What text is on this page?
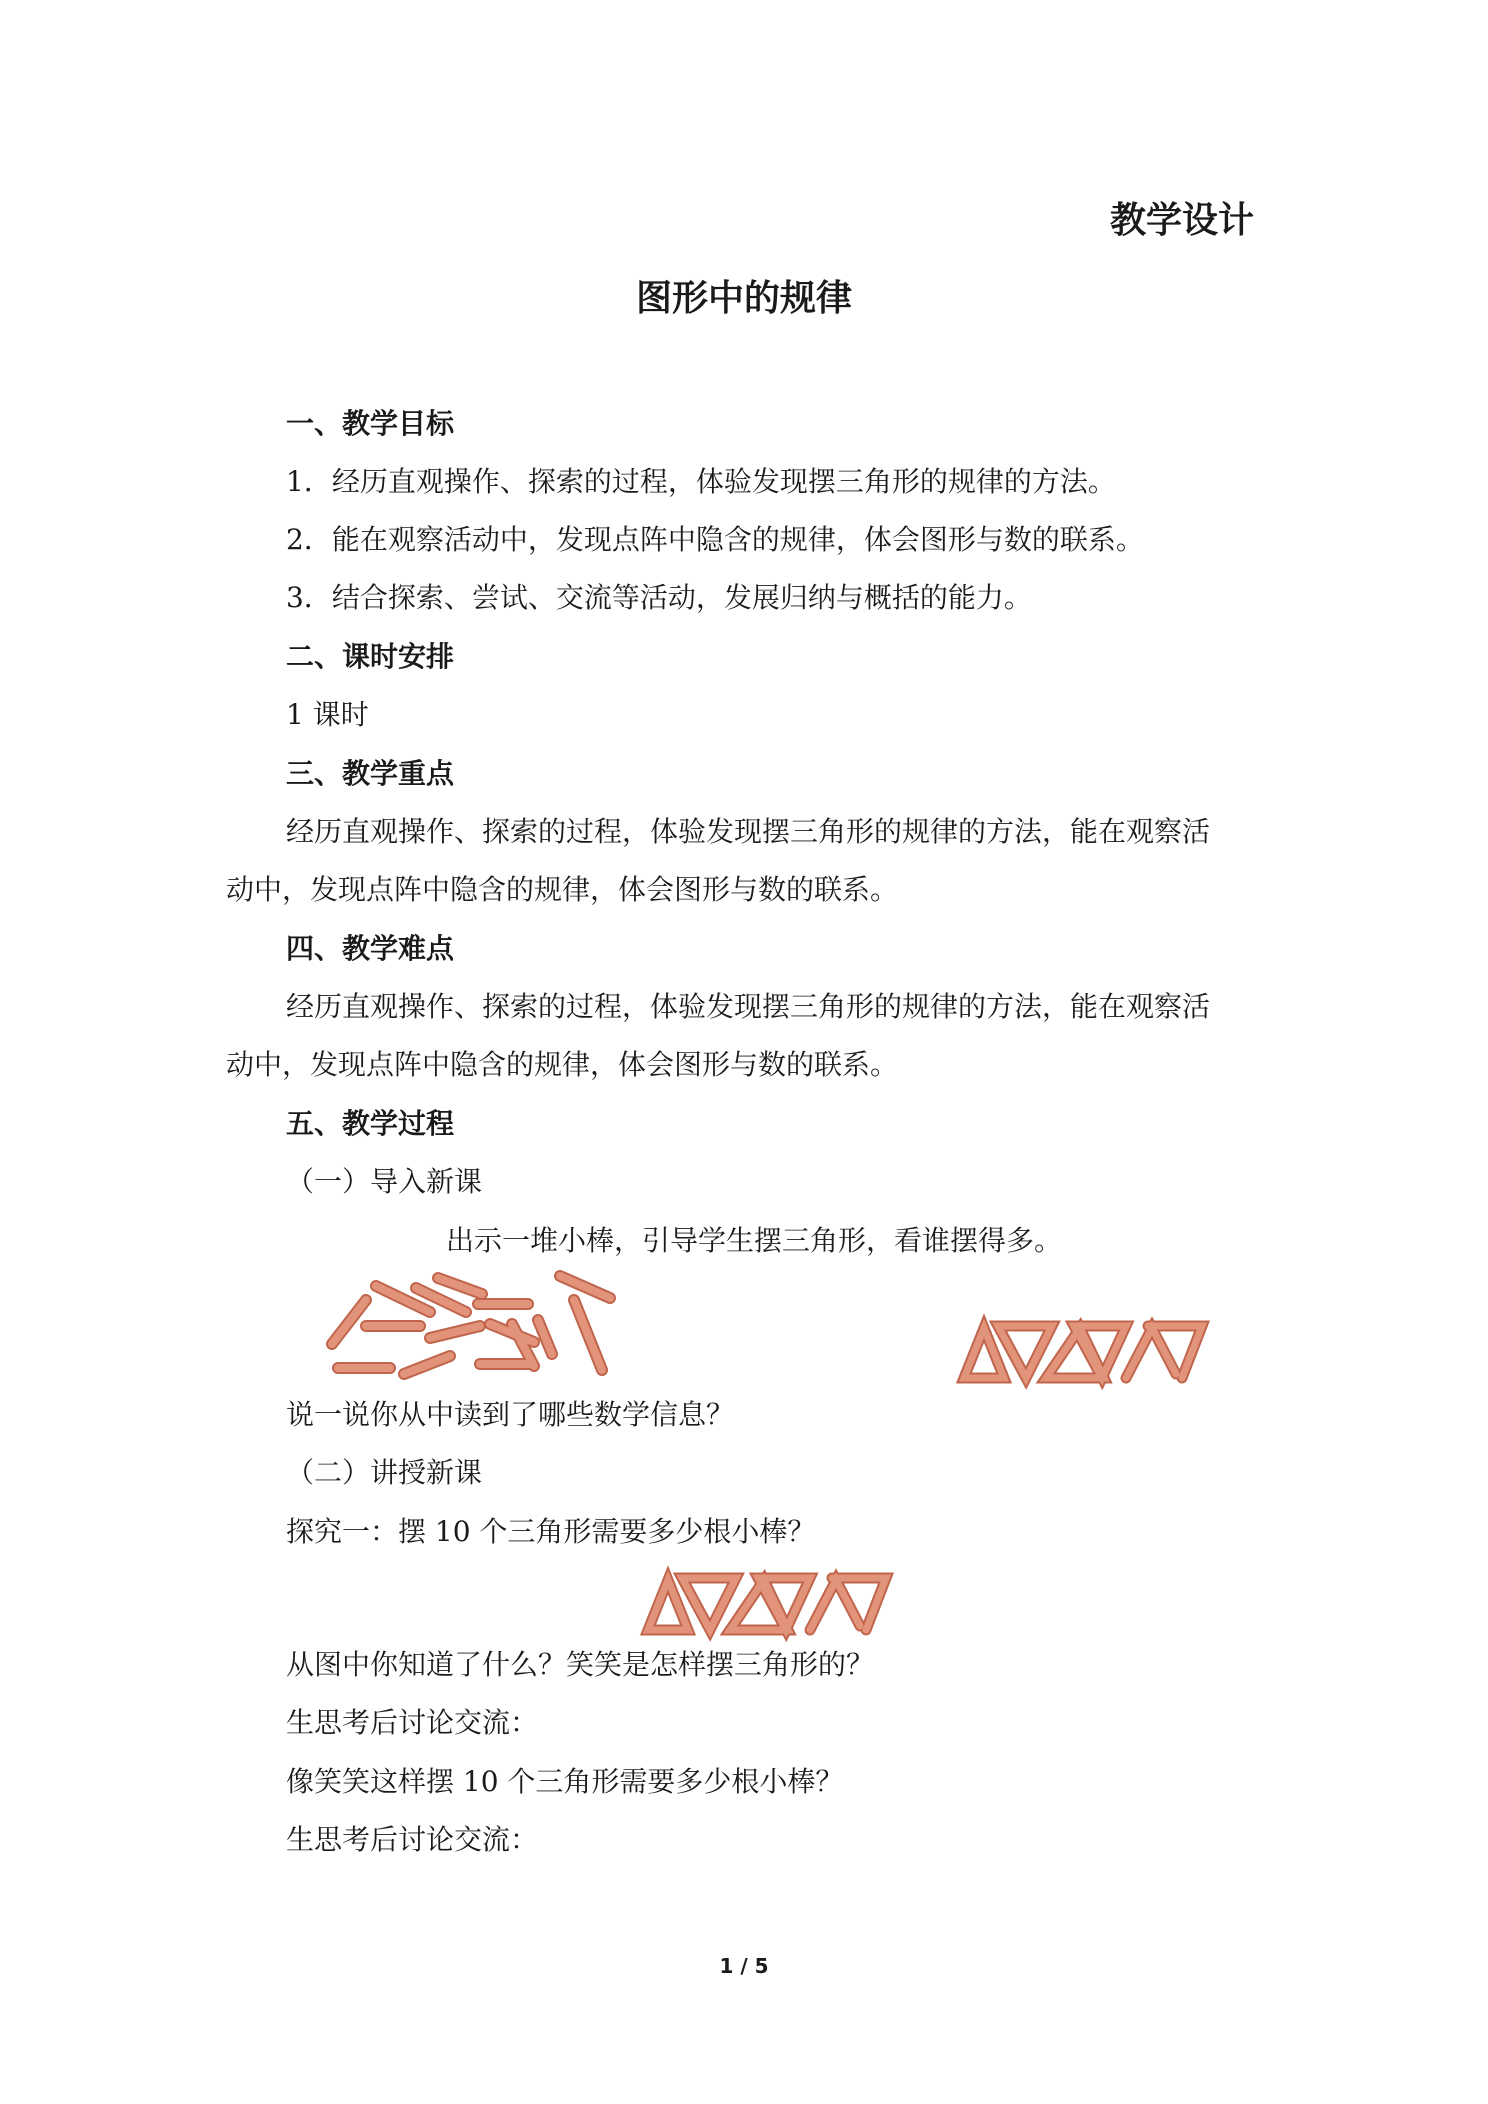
教学设计
图形中的规律
一、教学目标
1．经历直观操作、探索的过程，体验发现摆三角形的规律的方法。
2．能在观察活动中，发现点阵中隐含的规律，体会图形与数的联系。
3．结合探索、尝试、交流等活动，发展归纳与概括的能力。
二、课时安排
1 课时
三、教学重点
经历直观操作、探索的过程，体验发现摆三角形的规律的方法，能在观察活
动中，发现点阵中隐含的规律，体会图形与数的联系。
四、教学难点
经历直观操作、探索的过程，体验发现摆三角形的规律的方法，能在观察活
动中，发现点阵中隐含的规律，体会图形与数的联系。
五、教学过程
（一）导入新课
出示一堆小棒，引导学生摆三角形，看谁摆得多。
说一说你从中读到了哪些数学信息？
（二）讲授新课
探究一：摆 10 个三角形需要多少根小棒？
从图中你知道了什么？笑笑是怎样摆三角形的？
生思考后讨论交流：
像笑笑这样摆 10 个三角形需要多少根小棒？
生思考后讨论交流：
1 / 5
